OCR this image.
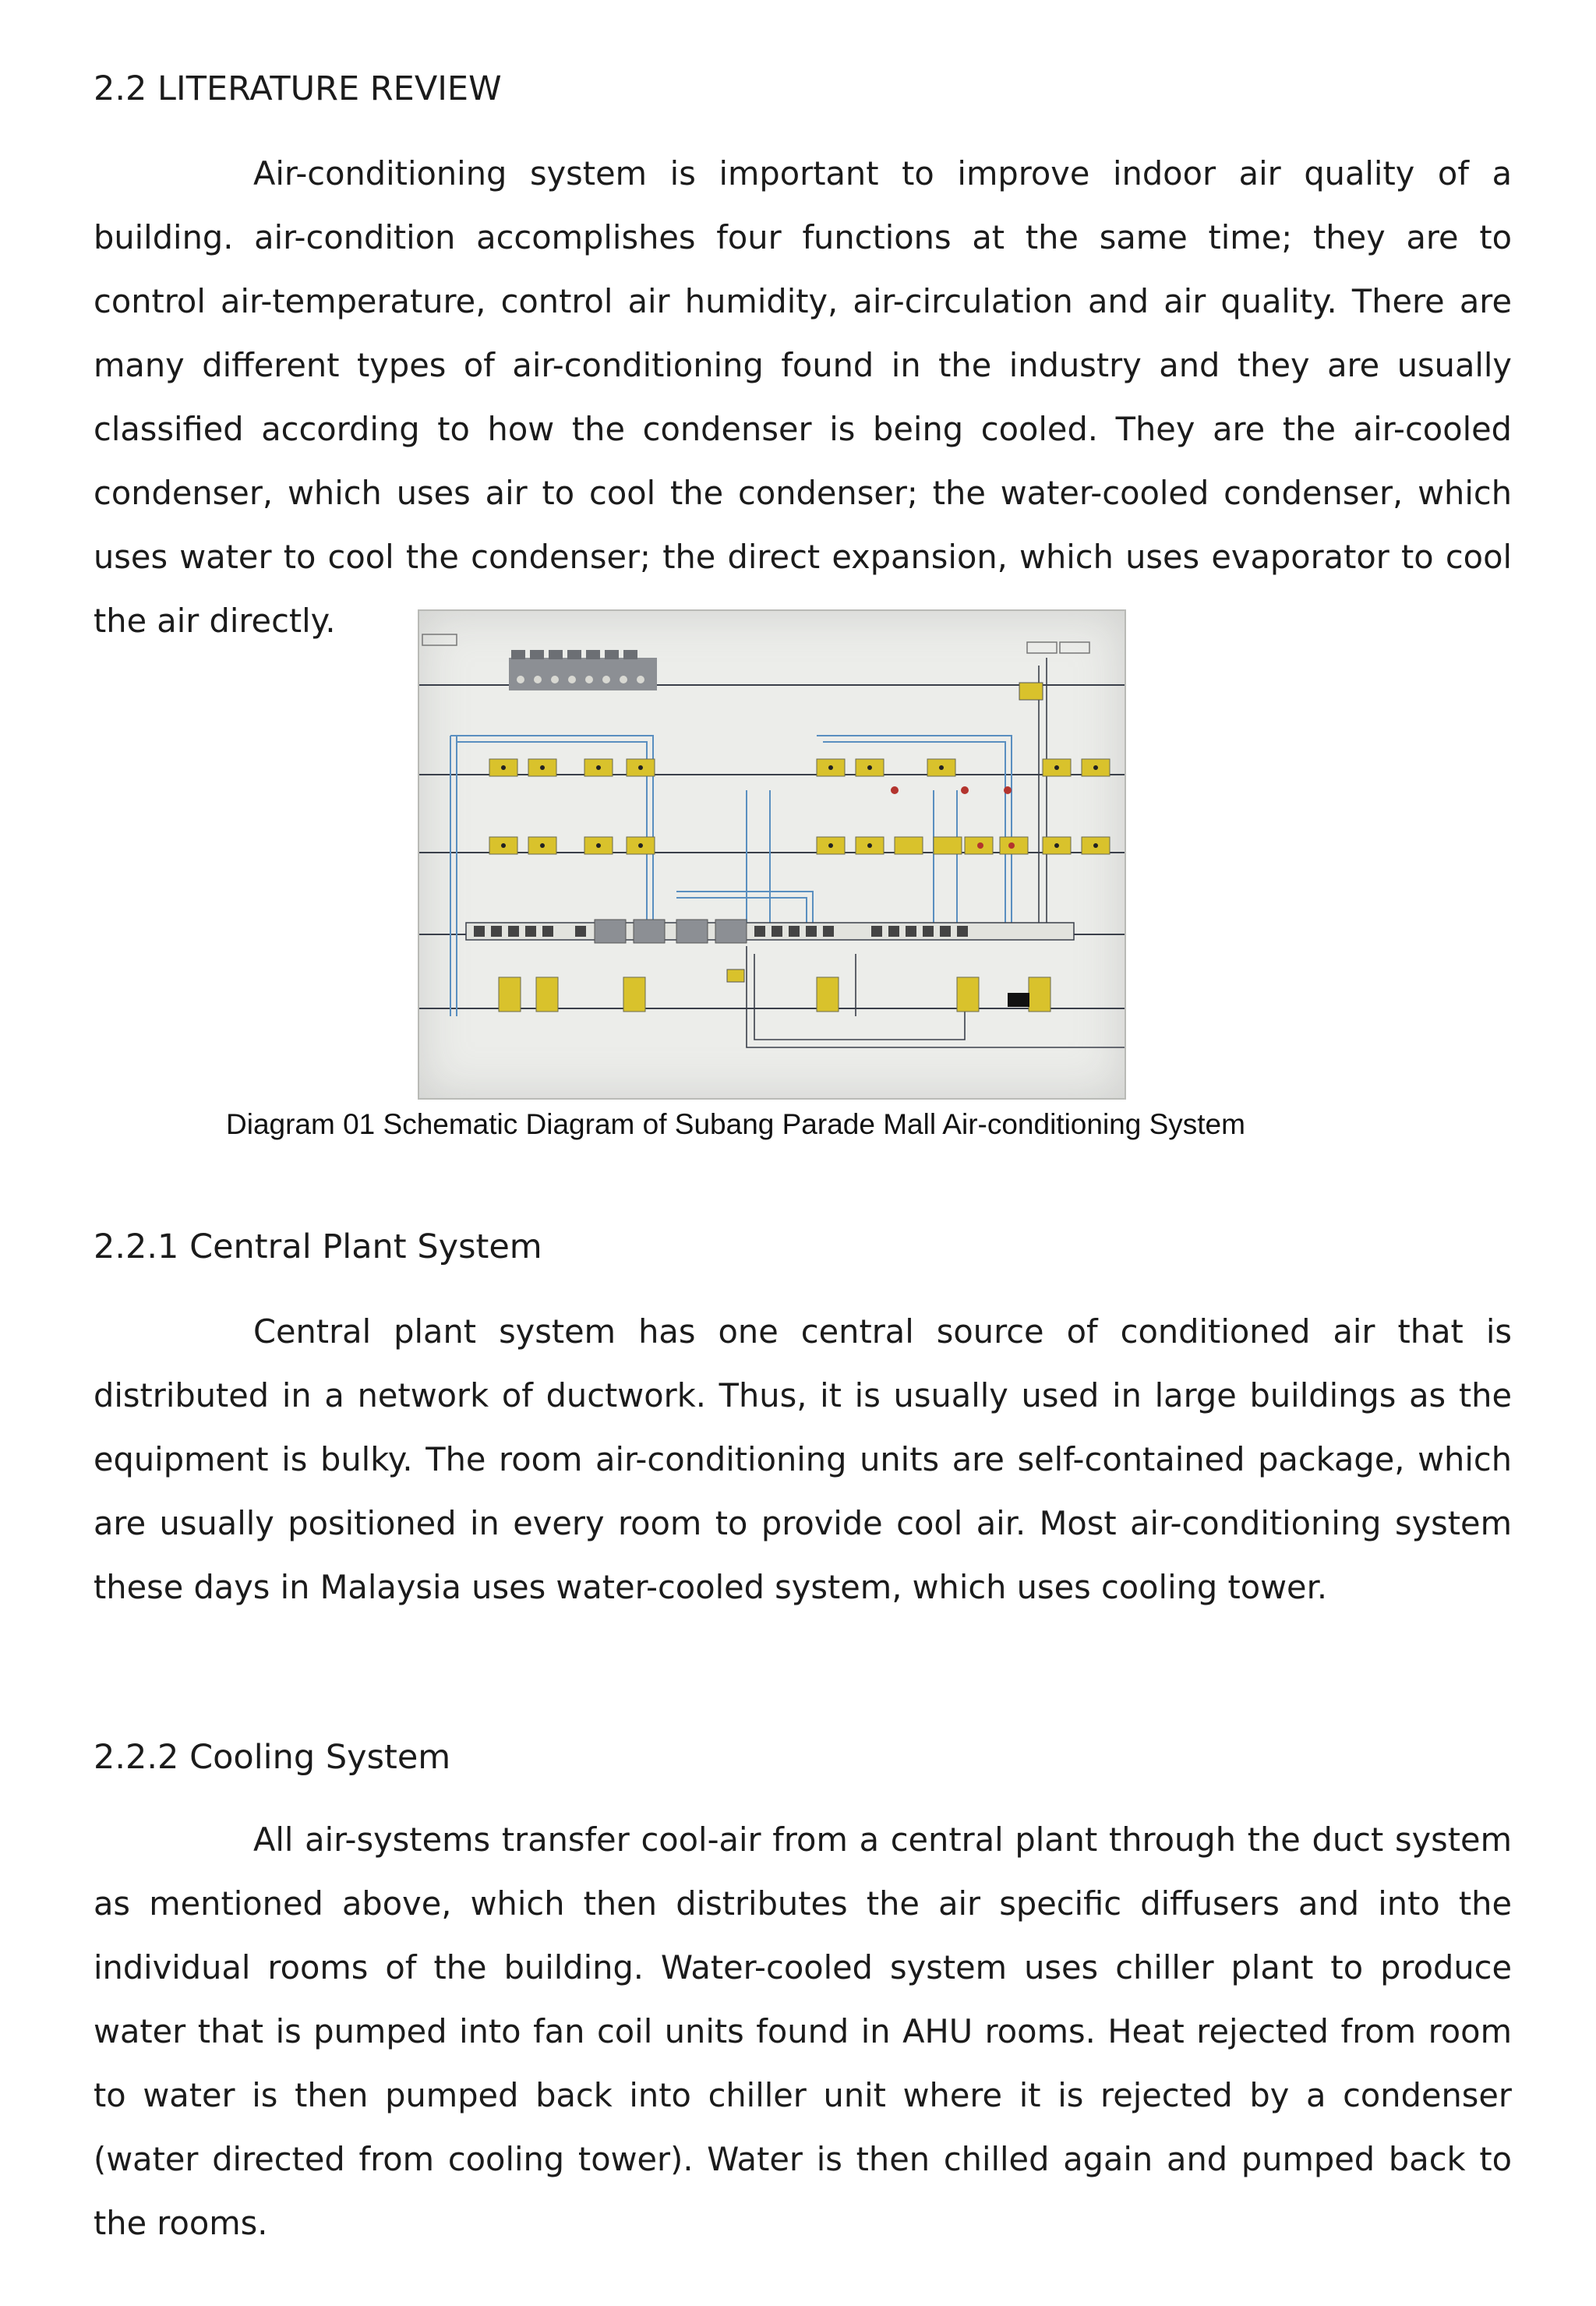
2.2 LITERATURE REVIEW

Air-conditioning system is important to improve indoor air quality of a building. air-condition accomplishes four functions at the same time; they are to control air-temperature, control air humidity, air-circulation and air quality. There are many different types of air-conditioning found in the industry and they are usually classified according to how the condenser is being cooled. They are the air-cooled condenser, which uses air to cool the condenser; the water-cooled condenser, which uses water to cool the condenser; the direct expansion, which uses evaporator to cool the air directly.

Diagram 01 Schematic Diagram of Subang Parade Mall Air-conditioning System

2.2.1 Central Plant System

Central plant system has one central source of conditioned air that is distributed in a network of ductwork. Thus, it is usually used in large buildings as the equipment is bulky. The room air-conditioning units are self-contained package, which are usually positioned in every room to provide cool air. Most air-conditioning system these days in Malaysia uses water-cooled system, which uses cooling tower.

2.2.2 Cooling System

All air-systems transfer cool-air from a central plant through the duct system as mentioned above, which then distributes the air specific diffusers and into the individual rooms of the building. Water-cooled system uses chiller plant to produce water that is pumped into fan coil units found in AHU rooms. Heat rejected from room to water is then pumped back into chiller unit where it is rejected by a condenser (water directed from cooling tower). Water is then chilled again and pumped back to the rooms.
